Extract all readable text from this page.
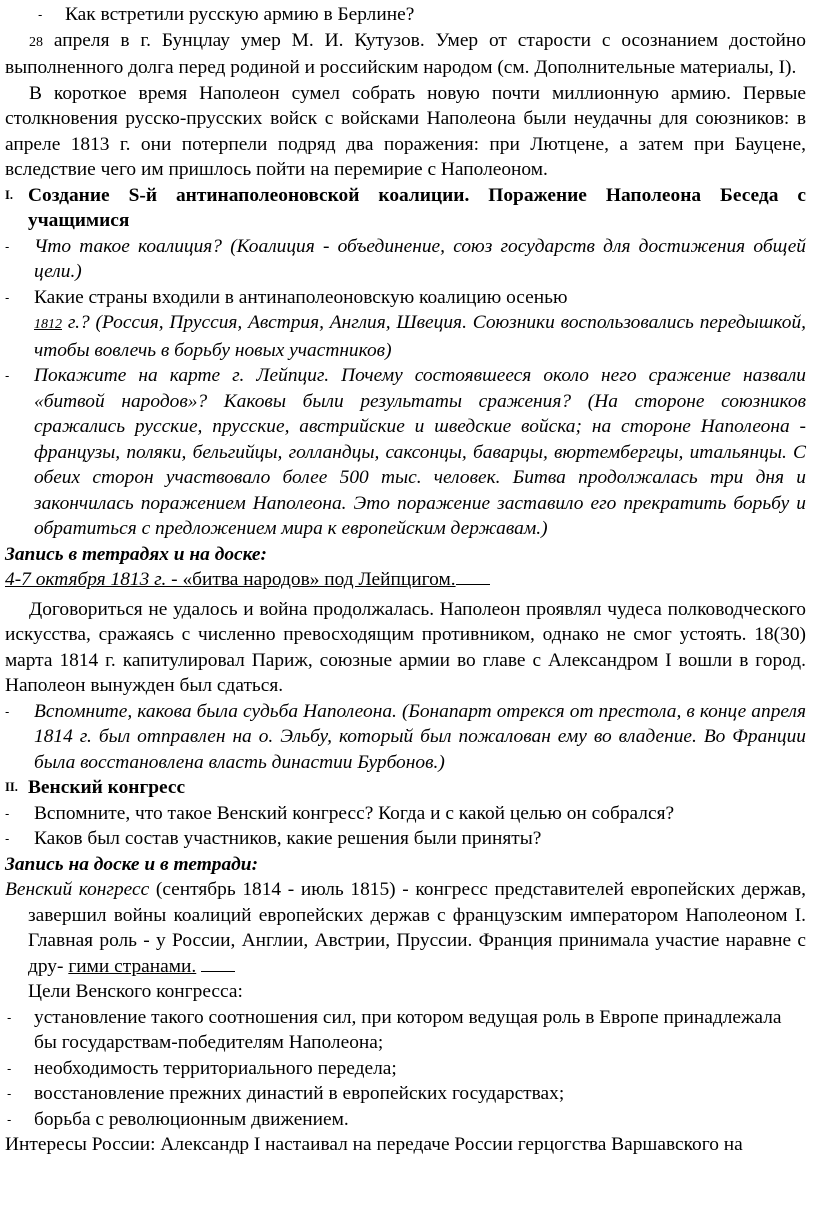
- Как встретили русскую армию в Берлине?

28 апреля в г. Бунцлау умер М. И. Кутузов. Умер от старости с осознанием достойно выполненного долга перед родиной и российским народом (см. Дополнительные материалы, I).

В короткое время Наполеон сумел собрать новую почти миллионную армию. Первые столкновения русско-прусских войск с войсками Наполеона были неудачны для союзников: в апреле 1813 г. они потерпели подряд два поражения: при Лютцене, а затем при Бауцене, вследствие чего им пришлось пойти на перемирие с Наполеоном.

I. Создание S-й антинаполеоновской коалиции. Поражение Наполеона Беседа с учащимися
- Что такое коалиция? (Коалиция - объединение, союз государств для достижения общей цели.)
- Какие страны входили в антинаполеоновскую коалицию осенью

1812 г.? (Россия, Пруссия, Австрия, Англия, Швеция. Союзники воспользовались передышкой, чтобы вовлечь в борьбу новых участников)
- Покажите на карте г. Лейпциг. Почему состоявшееся около него сражение назвали «битвой народов»? Каковы были результаты сражения? (На стороне союзников сражались русские, прусские, австрийские и шведские войска; на стороне Наполеона - французы, поляки, бельгийцы, голландцы, саксонцы, баварцы, вюртембергцы, итальянцы. С обеих сторон участвовало более 500 тыс. человек. Битва продолжалась три дня и закончилась поражением Наполеона. Это поражение заставило его прекратить борьбу и обратиться с предложением мира к европейским державам.)

Запись в тетрадях и на доске:

4-7 октября 1813 г. - «битва народов» под Лейпцигом.

Договориться не удалось и война продолжалась. Наполеон проявлял чудеса полководческого искусства, сражаясь с численно превосходящим противником, однако не смог устоять. 18(30) марта 1814 г. капитулировал Париж, союзные армии во главе с Александром I вошли в город. Наполеон вынужден был сдаться.

- Вспомните, какова была судьба Наполеона. (Бонапарт отрекся от престола, в конце апреля 1814 г. был отправлен на о. Эльбу, который был пожалован ему во владение. Во Франции была восстановлена власть династии Бурбонов.)
II. Венский конгресс
- Вспомните, что такое Венский конгресс? Когда и с какой целью он собрался?
- Каков был состав участников, какие решения были приняты?

Запись на доске и в тетради:

Венский конгресс (сентябрь 1814 - июль 1815) - конгресс представителей европейских держав, завершил войны коалиций европейских держав с французским императором Наполеоном I. Главная роль - у России, Англии, Австрии, Пруссии. Франция принимала участие наравне с дру- гими странами.

Цели Венского конгресса:

- установление такого соотношения сил, при котором ведущая роль в Европе принадлежала бы государствам-победителям Наполеона;
- необходимость территориального передела;
- восстановление прежних династий в европейских государствах;
- борьба с революционным движением.

Интересы России: Александр I настаивал на передаче России герцогства Варшавского на
